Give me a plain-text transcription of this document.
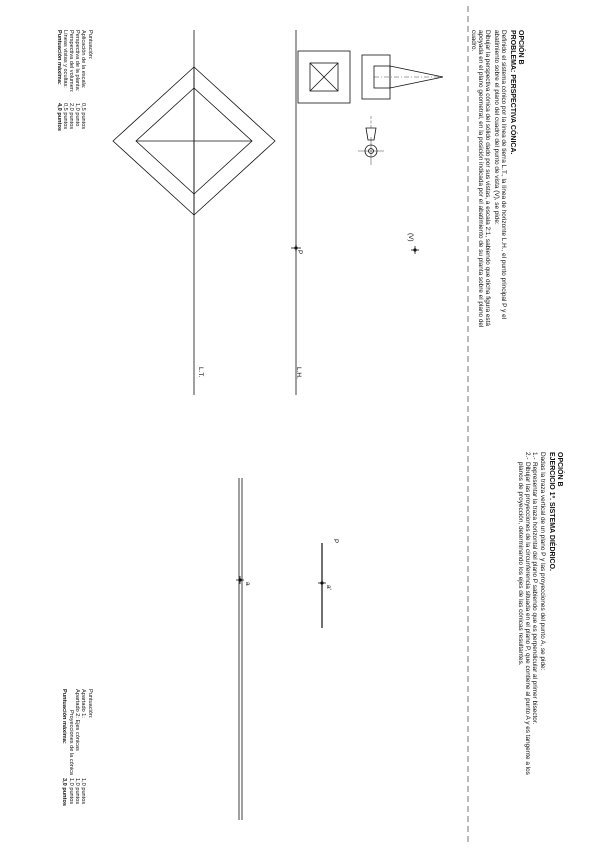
OPCIÓN B
PROBLEMA: PERSPECTIVA CÓNICA.
Definido el sistema cónico por la línea de tierra L.T., la línea de horizonte L.H., el punto principal P y el
abatimiento sobre el plano del cuadro del punto de vista (V), se pide:
Dibujar la perspectiva cónica del sólido dado por sus vistas, a escala 2:1, sabiendo que dicha figura está
apoyada en el plano geometral, en la posición indicada por el abatimiento de su planta sobre el plano del
cuadro.
(V)
P
L.H.
L.T.
Puntuación:
Aplicación de la escala:
0,5 puntos
Perspectiva de la planta:
1,0 punto
Perspectiva del volumen:
2,0 puntos
Líneas vistas y ocultas:
0,5 puntos
Puntuación máxima:
4,0 puntos
OPCIÓN B
EJERCICIO 1º. SISTEMA DIÉDRICO.
Dadas la traza vertical de un plano P y las proyecciones del punto A, se pide:
1.-
Representar la traza horizontal del plano P sabiendo que es perpendicular al primer bisector.
2.-
Dibujar las proyecciones de la circunferencia situada en el plano P, que contiene al punto A y es tangente a los
planos de proyección, determinando los ejes de las cónicas resultantes.
P
a'
a
Puntuación:
Apartado 1:
1,0 puntos
Apartado 2: Ejes cónicas
1,0 puntos
Proyecciones de la cónica
1,0 puntos
Puntuación máxima:
3,0 puntos
